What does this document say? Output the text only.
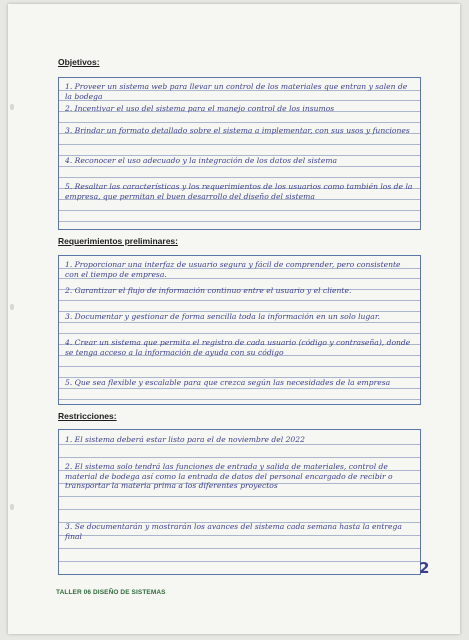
Objetivos:
1. Proveer un sistema web para llevar un control de los materiales que entran y salen de la bodega
2. Incentivar el uso del sistema para el manejo control de los insumos
3. Brindar un formato detallado sobre el sistema a implementar, con sus usos y funciones
4. Reconocer el uso adecuado y la integración de los datos del sistema
5. Resaltar las características y los requerimientos de los usuarios como también los de la empresa, que permitan el buen desarrollo del diseño del sistema
Requerimientos preliminares:
1. Proporcionar una interfaz de usuario segura y fácil de comprender, pero consistente con el tiempo de empresa.
2. Garantizar el flujo de información continuo entre el usuario y el cliente.
3. Documentar y gestionar de forma sencilla toda la información en un solo lugar.
4. Crear un sistema que permita el registro de cada usuario (código y contraseña), donde se tenga acceso a la información de ayuda con su código
5. Que sea flexible y escalable para que crezca según las necesidades de la empresa
Restricciones:
1. El sistema deberá estar listo para el de noviembre del 2022
2. El sistema solo tendrá las funciones de entrada y salida de materiales, control de material de bodega así como la entrada de datos del personal encargado de recibir o transportar la materia prima a los diferentes proyectos
3. Se documentarán y mostrarán los avances del sistema cada semana hasta la entrega final
2
TALLER 06 DISEÑO DE SISTEMAS
